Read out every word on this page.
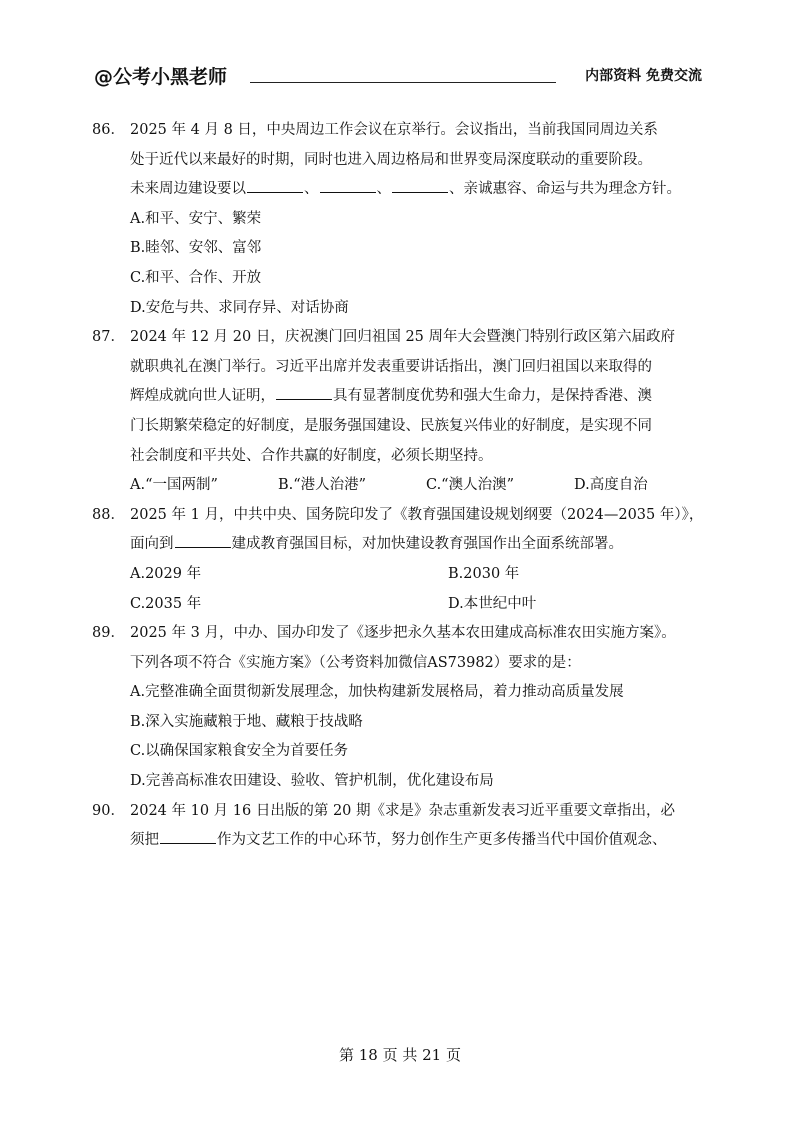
@公考小黑老师	内部资料 免费交流
86． 2025 年 4 月 8 日，中央周边工作会议在京举行。会议指出，当前我国同周边关系
处于近代以来最好的时期，同时也进入周边格局和世界变局深度联动的重要阶段。
未来周边建设要以	、	、	、亲诚惠容、命运与共为理念方针。
A.和平、安宁、繁荣
B.睦邻、安邻、富邻
C.和平、合作、开放
D.安危与共、求同存异、对话协商
87． 2024 年 12 月 20 日，庆祝澳门回归祖国 25 周年大会暨澳门特别行政区第六届政府
就职典礼在澳门举行。习近平出席并发表重要讲话指出，澳门回归祖国以来取得的
辉煌成就向世人证明，	具有显著制度优势和强大生命力，是保持香港、澳
门长期繁荣稳定的好制度，是服务强国建设、民族复兴伟业的好制度，是实现不同
社会制度和平共处、合作共赢的好制度，必须长期坚持。
A.“一国两制”	B.“港人治港”	C.“澳人治澳”	D.高度自治
88． 2025 年 1 月，中共中央、国务院印发了《教育强国建设规划纲要（2024—2035 年）》，
面向到	建成教育强国目标，对加快建设教育强国作出全面系统部署。
A.2029 年	B.2030 年
C.2035 年	D.本世纪中叶
89． 2025 年 3 月，中办、国办印发了《逐步把永久基本农田建成高标准农田实施方案》。
下列各项不符合《实施方案》（公考资料加微信AS73982）要求的是：
A.完整准确全面贯彻新发展理念，加快构建新发展格局，着力推动高质量发展
B.深入实施藏粮于地、藏粮于技战略
C.以确保国家粮食安全为首要任务
D.完善高标准农田建设、验收、管护机制，优化建设布局
90． 2024 年 10 月 16 日出版的第 20 期《求是》杂志重新发表习近平重要文章指出，必
须把	作为文艺工作的中心环节，努力创作生产更多传播当代中国价值观念、
第 18 页 共 21 页
